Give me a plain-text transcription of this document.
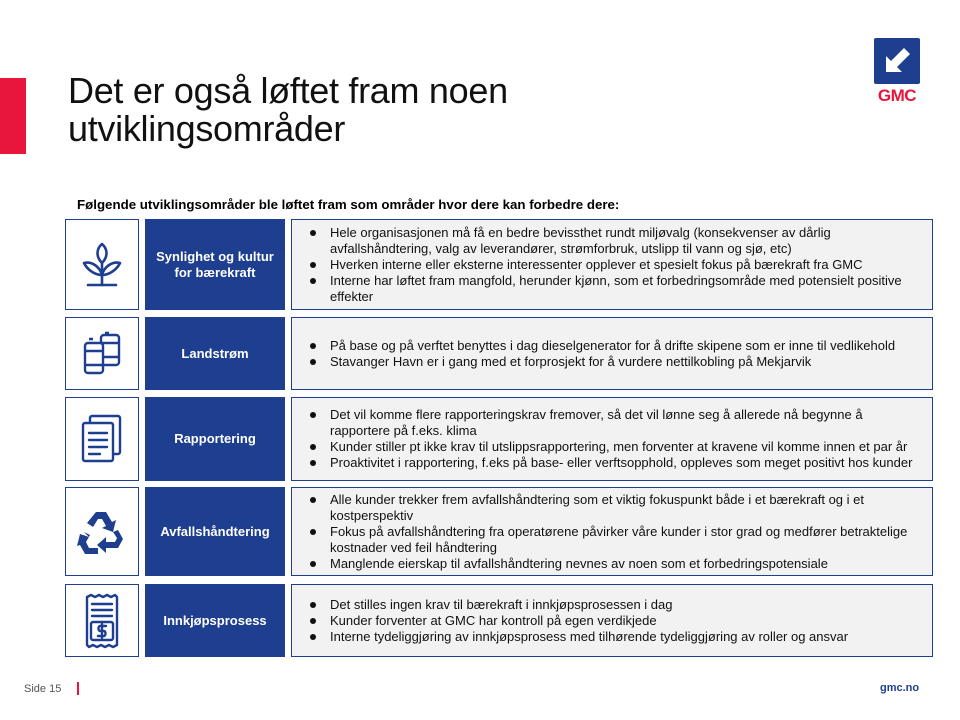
Det er også løftet fram noen
utviklingsområder
GMC
Følgende utviklingsområder ble løftet fram som områder hvor dere kan forbedre dere:
Synlighet og kultur for bærekraft
Hele organisasjonen må få en bedre bevissthet rundt miljøvalg (konsekvenser av dårlig avfallshåndtering, valg av leverandører, strømforbruk, utslipp til vann og sjø, etc)
Hverken interne eller eksterne interessenter opplever et spesielt fokus på bærekraft fra GMC
Interne har løftet fram mangfold, herunder kjønn, som et forbedringsområde med potensielt positive effekter
Landstrøm
På base og på verftet benyttes i dag dieselgenerator for å drifte skipene som er inne til vedlikehold
Stavanger Havn er i gang med et forprosjekt for å vurdere nettilkobling på Mekjarvik
Rapportering
Det vil komme flere rapporteringskrav fremover, så det vil lønne seg å allerede nå begynne å rapportere på f.eks. klima
Kunder stiller pt ikke krav til utslippsrapportering, men forventer at kravene vil komme innen et par år
Proaktivitet i rapportering, f.eks på base- eller verftsopphold, oppleves som meget positivt hos kunder
Avfallshåndtering
Alle kunder trekker frem avfallshåndtering som et viktig fokuspunkt både i et bærekraft og i et kostperspektiv
Fokus på avfallshåndtering fra operatørene påvirker våre kunder i stor grad og medfører betraktelige kostnader ved feil håndtering
Manglende eierskap til avfallshåndtering nevnes av noen som et forbedringspotensiale
Innkjøpsprosess
Det stilles ingen krav til bærekraft i innkjøpsprosessen i dag
Kunder forventer at GMC har kontroll på egen verdikjede
Interne tydeliggjøring av innkjøpsprosess med tilhørende tydeliggjøring av roller og ansvar
Side 15	gmc.no
